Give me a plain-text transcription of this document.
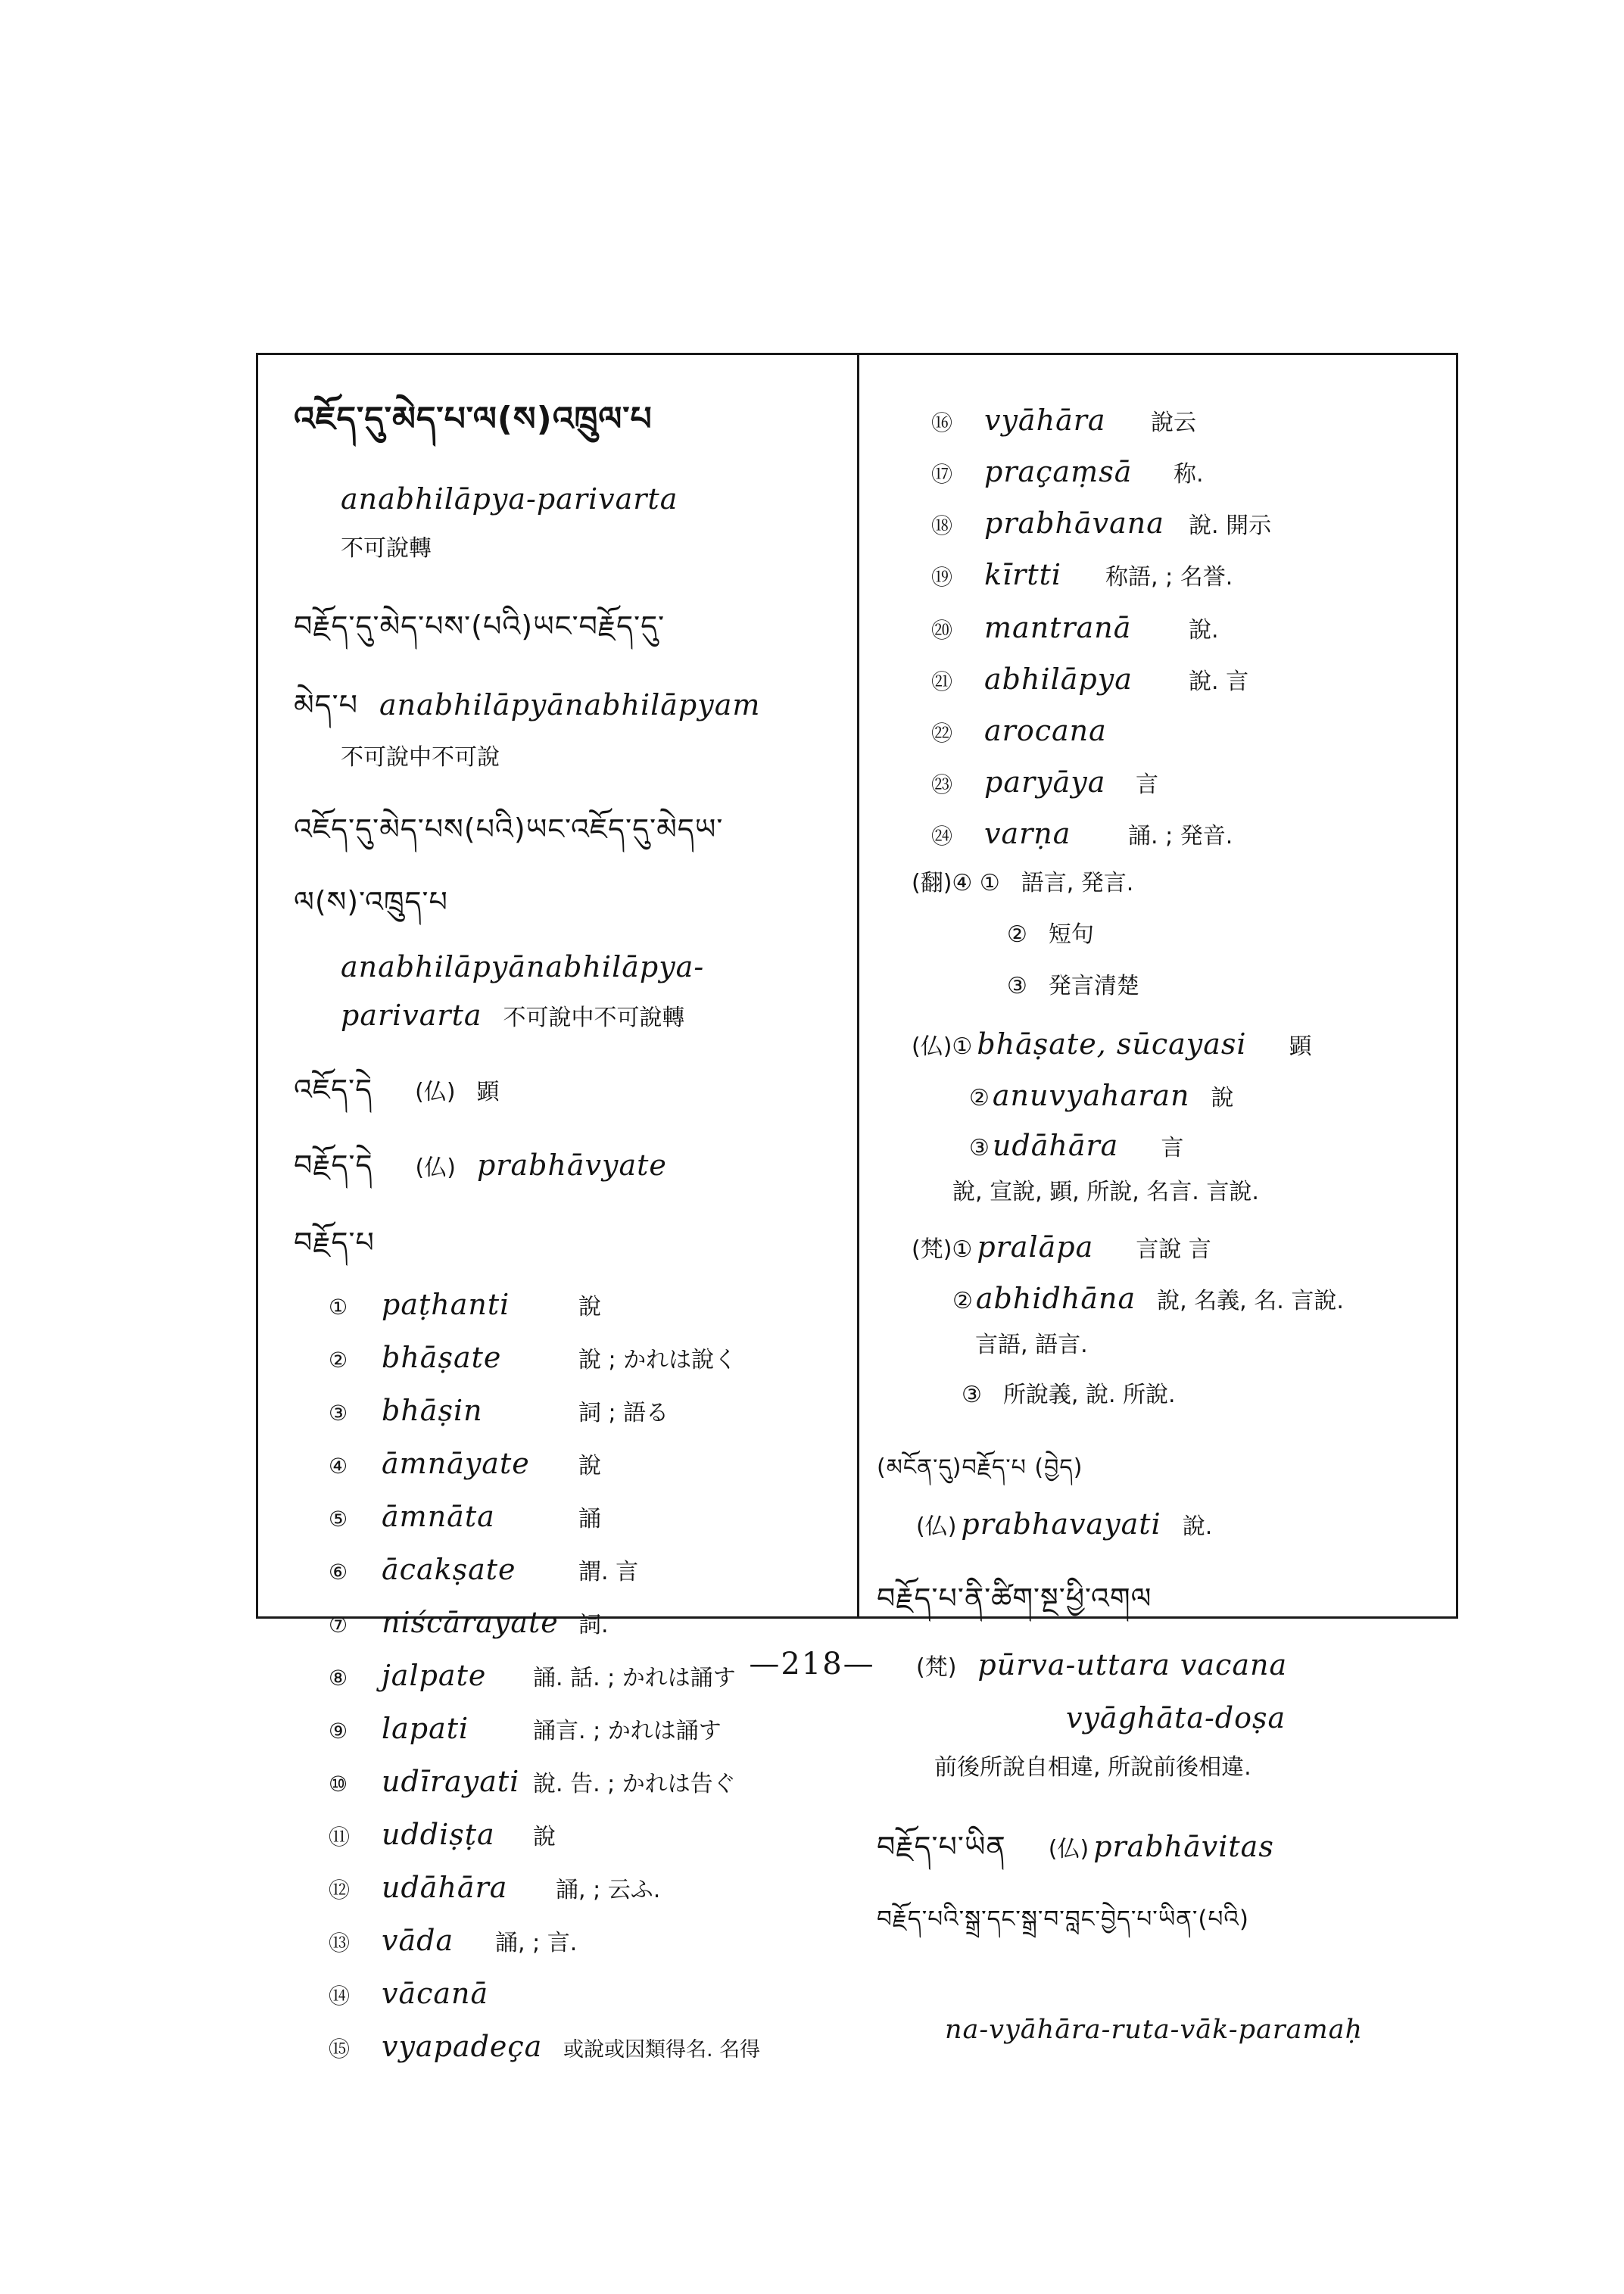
འཇོད་དུ་མེད་པ་ལ(ས)འཁྲུལ་པ
anabhilāpya-parivarta
不可說轉
བརྗོད་དུ་མེད་པས་(པའི)ཡང་བརྗོད་དུ་
མེད་པ anabhilāpyānabhilāpyam
不可說中不可說
འཇོད་དུ་མེད་པས(པའི)ཡང་འཇོད་དུ་མེདཡ་
ལ(ས)་འཁྲུད་པ
anabhilāpyānabhilāpya-
parivarta 不可說中不可說轉
འཇོད་དེ (仏) 顕
བརྗོད་དེ (仏) prabhāvyate
བརྗོད་པ
① paṭhanti	說
② bhāṣate	說 ; かれは說く
③ bhāṣin	詞 ; 語る
④ āmnāyate 說
⑤ āmnāta	誦
⑥ ācakṣate	謂. 言
⑦ niścārayate 詞.
⑧ jalpate 誦. 話. ; かれは誦す
⑨ lapati	誦言. ; かれは誦す
⑩ udīrayati 說. 告. ; かれは告ぐ
⑪ uddiṣṭa 說
⑫ udāhāra 誦, ; 云ふ.
⑬ vāda 誦, ; 言.
⑭ vācanā
⑮ vyapadeça 或說或因類得名. 名得
⑯ vyāhāra 說云
⑰ praçaṃsā 称.
⑱ prabhāvana 說. 開示
⑲ kīrtti 称語, ; 名誉.
⑳ mantranā	說.
㉑ abhilāpya 說. 言
㉒ arocana
㉓ paryāya 言
㉔ varṇa	誦. ; 発音.
(翻)④ ① 語言, 発言.
② 短句
③ 発言清楚
(仏)① bhāṣate, sūcayasi 顕
② anuvyaharan 說
③ udāhāra 言
說, 宣說, 顕, 所說, 名言. 言說.
(梵)① pralāpa 言說 言
② abhidhāna 說, 名義, 名. 言說.
言語, 語言.
③ 所說義, 說. 所說.
(མངོན་དུ)བརྗོད་པ (བྱེད)
(仏) prabhavayati 說.
བརྗོད་པ་ནི་ཚིག་སྔ་ཕྱི་འགལ
(梵) pūrva-uttara vacana
vyāghāta-doṣa
前後所說自相違, 所說前後相違.
བརྗོད་པ་ཡིན (仏) prabhāvitas
བརྗོད་པའི་སྒྲ་དང་སྒྲ་བ་བླང་བྱེད་པ་ཡིན་(པའི)
na-vyāhāra-ruta-vāk-paramaḥ
—218—
